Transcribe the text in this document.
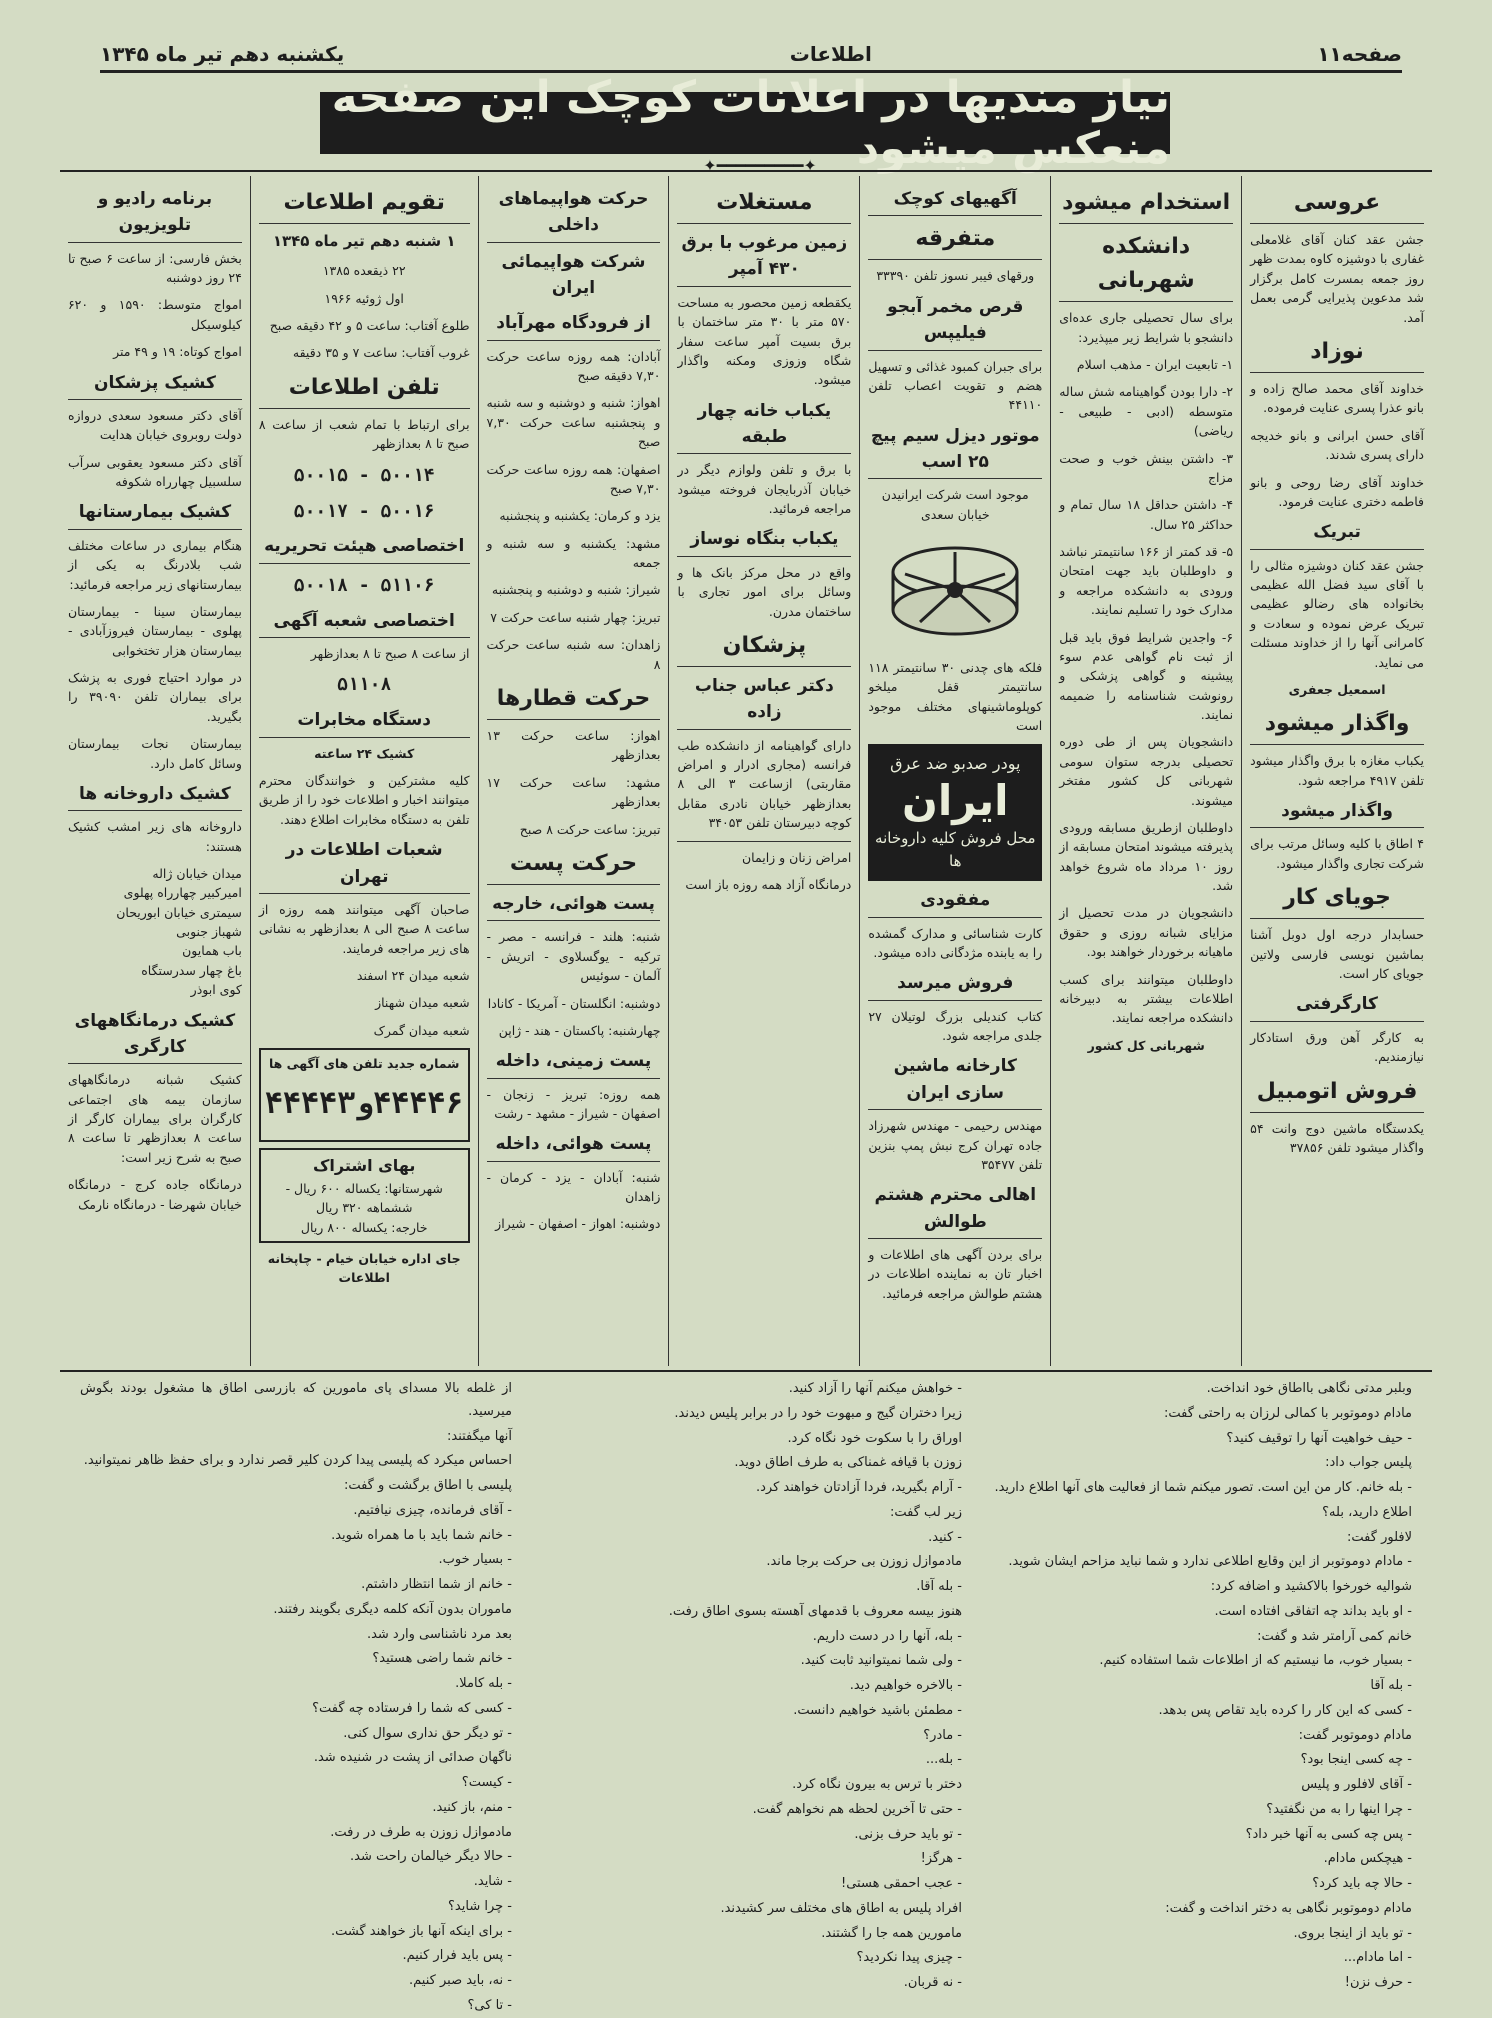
صفحه۱۱
اطلاعات
یکشنبه دهم تیر ماه ۱۳۴۵
نیاز مندیها در اعلانات کوچک این صفحه منعکس میشود
✦━━━━━━━━━✦
عروسی

جشن عقد کنان آقای غلامعلی غفاری با دوشیزه کاوه بمدت ظهر روز جمعه بمسرت کامل برگزار شد مدعوین پذیرایی گرمی بعمل آمد.

نوزاد

خداوند آقای محمد صالح زاده و بانو عذرا پسری عنایت فرموده.

آقای حسن ابرانی و بانو خدیجه دارای پسری شدند.

خداوند آقای رضا روحی و بانو فاطمه دختری عنایت فرمود.

تبریک

جشن عقد کنان دوشیزه مثالی را با آقای سید فضل الله عظیمی بخانواده های رضالو عظیمی تبریک عرض نموده و سعادت و کامرانی آنها را از خداوند مسئلت می نماید.

اسمعیل جعفری

واگذار میشود

یکباب مغازه با برق واگذار میشود تلفن ۴۹۱۷ مراجعه شود.

واگذار میشود

۴ اطاق با کلیه وسائل مرتب برای شرکت تجاری واگذار میشود.

جویای کار

حسابدار درجه اول دوبل آشنا بماشین نویسی فارسی ولاتین جویای کار است.

کارگرفتی

به کارگر آهن ورق استادکار نیازمندیم.

فروش اتومبیل

یکدستگاه ماشین دوج وانت ۵۴ واگذار میشود تلفن ۳۷۸۵۶

استخدام میشود
دانشکده شهربانی

برای سال تحصیلی جاری عده‌ای دانشجو با شرایط زیر میپذیرد:

۱- تابعیت ایران - مذهب اسلام

۲- دارا بودن گواهینامه شش ساله متوسطه (ادبی - طبیعی - ریاضی)

۳- داشتن بینش خوب و صحت مزاج

۴- داشتن حداقل ۱۸ سال تمام و حداکثر ۲۵ سال.

۵- قد کمتر از ۱۶۶ سانتیمتر نباشد و داوطلبان باید جهت امتحان ورودی به دانشکده مراجعه و مدارک خود را تسلیم نمایند.

۶- واجدین شرایط فوق باید قبل از ثبت نام گواهی عدم سوء پیشینه و گواهی پزشکی و رونوشت شناسنامه را ضمیمه نمایند.

دانشجویان پس از طی دوره تحصیلی بدرجه ستوان سومی شهربانی کل کشور مفتخر میشوند.

داوطلبان ازطریق مسابقه ورودی پذیرفته میشوند امتحان مسابقه از روز ۱۰ مرداد ماه شروع خواهد شد.

دانشجویان در مدت تحصیل از مزایای شبانه روزی و حقوق ماهیانه برخوردار خواهند بود.

داوطلبان میتوانند برای کسب اطلاعات بیشتر به دبیرخانه دانشکده مراجعه نمایند.

شهربانی کل کشور

آگهیهای کوچک
متفرقه

ورقهای فیبر نسوز تلفن ۳۳۳۹۰

قرص مخمر آبجو فیلیپس

برای جبران کمبود غذائی و تسهیل هضم و تقویت اعصاب تلفن ۴۴۱۱۰

موتور دیزل سیم پیچ ۲۵ اسب

موجود است شرکت ایرانیدن خیابان سعدی

فلکه های چدنی ۳۰ سانتیمتر ۱۱۸ سانتیمتر قفل میلخو کوپلوماشینهای مختلف موجود است

پودر صدبو ضد عرق
ایران
محل فروش کلیه داروخانه ها
مفقودی

کارت شناسائی و مدارک گمشده را به یابنده مژدگانی داده میشود.

فروش میرسد

کتاب کندیلی بزرگ لوتیلان ۲۷ جلدی مراجعه شود.

کارخانه ماشین سازی ایران

مهندس رحیمی - مهندس شهرزاد جاده تهران کرج نبش پمپ بنزین تلفن ۳۵۴۷۷

اهالی محترم هشتم طوالش

برای بردن آگهی های اطلاعات و اخبار تان به نماینده اطلاعات در هشتم طوالش مراجعه فرمائید.

مستغلات
زمین مرغوب با برق ۴۳۰ آمپر

یکقطعه زمین محصور به مساحت ۵۷۰ متر با ۳۰ متر ساختمان با برق بسیت آمپر ساعت سفار شگاه وزوزی ومکنه واگذار میشود.

یکباب خانه چهار طبقه

با برق و تلفن ولوازم دیگر در خیابان آذربایجان فروخته میشود مراجعه فرمائید.

یکباب بنگاه نوساز

واقع در محل مرکز بانک ها و وسائل برای امور تجاری با ساختمان مدرن.

پزشکان
دکتر عباس جناب زاده

دارای گواهینامه از دانشکده طب فرانسه (مجاری ادرار و امراض مقاربتی) ازساعت ۳ الی ۸ بعدازظهر خیابان نادری مقابل کوچه دبیرستان تلفن ۳۴۰۵۳

امراض زنان و زایمان

درمانگاه آزاد همه روزه باز است

حرکت هواپیماهای داخلی
شرکت هواپیمائی ایران
از فرودگاه مهرآباد

آبادان: همه روزه ساعت حرکت ۳۰‚۷ دقیقه صبح

اهواز: شنبه و دوشنبه و سه شنبه و پنجشنبه ساعت حرکت ۳۰‚۷ صبح

اصفهان: همه روزه ساعت حرکت ۳۰‚۷ صبح

یزد و کرمان: یکشنبه و پنجشنبه

مشهد: یکشنبه و سه شنبه و جمعه

شیراز: شنبه و دوشنبه و پنجشنبه

تبریز: چهار شنبه ساعت حرکت ۷

زاهدان: سه شنبه ساعت حرکت ۸

حرکت قطارها

اهواز: ساعت حرکت ۱۳ بعدازظهر

مشهد: ساعت حرکت ۱۷ بعدازظهر

تبریز: ساعت حرکت ۸ صبح

حرکت پست
پست هوائی، خارجه

شنبه: هلند - فرانسه - مصر - ترکیه - یوگسلاوی - اتریش - آلمان - سوئیس

دوشنبه: انگلستان - آمریکا - کانادا

چهارشنبه: پاکستان - هند - ژاپن

پست زمینی، داخله

همه روزه: تبریز - زنجان - اصفهان - شیراز - مشهد - رشت

پست هوائی، داخله

شنبه: آبادان - یزد - کرمان - زاهدان

دوشنبه: اهواز - اصفهان - شیراز

تقویم اطلاعات

۱ شنبه دهم تیر ماه ۱۳۴۵

۲۲ ذیقعده ۱۳۸۵

اول ژوئیه ۱۹۶۶

طلوع آفتاب: ساعت ۵ و ۴۲ دقیقه صبح

غروب آفتاب: ساعت ۷ و ۳۵ دقیقه

تلفن اطلاعات

برای ارتباط با تمام شعب از ساعت ۸ صبح تا ۸ بعدازظهر

۵۰۰۱۴ - ۵۰۰۱۵
۵۰۰۱۶ - ۵۰۰۱۷
اختصاصی هیئت تحریریه
۵۱۱۰۶ - ۵۰۰۱۸
اختصاصی شعبه آگهی

از ساعت ۸ صبح تا ۸ بعدازظهر

۵۱۱۰۸
دستگاه مخابرات

کشیک ۲۴ ساعته

کلیه مشترکین و خوانندگان محترم میتوانند اخبار و اطلاعات خود را از طریق تلفن به دستگاه مخابرات اطلاع دهند.

شعبات اطلاعات در تهران

صاحبان آگهی میتوانند همه روزه از ساعت ۸ صبح الی ۸ بعدازظهر به نشانی های زیر مراجعه فرمایند.

شعبه میدان ۲۴ اسفند

شعبه میدان شهناز

شعبه میدان گمرک

شماره جدید تلفن های آگهی ها
۴۴۴۴۶و۴۴۴۴۳
بهای اشتراک
شهرستانها: یکساله ۶۰۰ ریال - ششماهه ۳۲۰ ریال
خارجه: یکساله ۸۰۰ ریال

جای اداره خیابان خیام - چاپخانه اطلاعات

برنامه رادیو و تلویزیون

بخش فارسی: از ساعت ۶ صبح تا ۲۴ روز دوشنبه

امواج متوسط: ۱۵۹۰ و ۶۲۰ کیلوسیکل

امواج کوتاه: ۱۹ و ۴۹ متر

کشیک پزشکان

آقای دکتر مسعود سعدی دروازه دولت روبروی خیابان هدایت

آقای دکتر مسعود یعقوبی سرآب سلسبیل چهارراه شکوفه

کشیک بیمارستانها

هنگام بیماری در ساعات مختلف شب بلادرنگ به یکی از بیمارستانهای زیر مراجعه فرمائید:

بیمارستان سینا - بیمارستان پهلوی - بیمارستان فیروزآبادی - بیمارستان هزار تختخوابی

در موارد احتیاج فوری به پزشک برای بیماران تلفن ۳۹۰۹۰ را بگیرید.

بیمارستان نجات بیمارستان وسائل کامل دارد.

کشیک داروخانه ها

داروخانه های زیر امشب کشیک هستند:

میدان خیابان ژاله

امیرکبیر چهارراه پهلوی

سیمتری خیابان ابوریحان

شهباز جنوبی

باب همایون

باغ چهار سدرستگاه

کوی ابوذر

کشیک درمانگاههای کارگری

کشیک شبانه درمانگاههای سازمان بیمه های اجتماعی کارگران برای بیماران کارگر از ساعت ۸ بعدازظهر تا ساعت ۸ صبح به شرح زیر است:

درمانگاه جاده کرج - درمانگاه خیابان شهرضا - درمانگاه نارمک

وبلبر مدتی نگاهی بااطاق خود انداخت.

مادام دوموتوبر با کمالی لرزان به راحتی گفت:

- حیف خواهیت آنها را توقیف کنید؟

پلیس جواب داد:

- بله خانم. کار من این است. تصور میکنم شما از فعالیت های آنها اطلاع دارید.

اطلاع دارید، بله؟

لافلور گفت:

- مادام دوموتوبر از این وقایع اطلاعی ندارد و شما نباید مزاحم ایشان شوید.

شوالیه خورخوا بالاکشید و اضافه کرد:

- او باید بداند چه اتفاقی افتاده است.

خانم کمی آرامتر شد و گفت:

- بسیار خوب، ما نیستیم که از اطلاعات شما استفاده کنیم.

- بله آقا

- کسی که این کار را کرده باید تقاص پس بدهد.

مادام دوموتوبر گفت:

- چه کسی اینجا بود؟

- آقای لافلور و پلیس

- چرا اینها را به من نگفتید؟

- پس چه کسی به آنها خبر داد؟

- هیچکس مادام.

- حالا چه باید کرد؟

مادام دوموتوبر نگاهی به دختر انداخت و گفت:

- تو باید از اینجا بروی.

- اما مادام...

- حرف نزن!

- خواهش میکنم آنها را آزاد کنید.

زیرا دختران گیج و مبهوت خود را در برابر پلیس دیدند.

اوراق را با سکوت خود نگاه کرد.

زوزن با قیافه غمناکی به طرف اطاق دوید.

- آرام بگیرید، فردا آزادتان خواهند کرد.

زیر لب گفت:

- کنید.

مادموازل زوزن بی حرکت برجا ماند.

- بله آقا.

هنوز بیسه معروف با قدمهای آهسته بسوی اطاق رفت.

- بله، آنها را در دست داریم.

- ولی شما نمیتوانید ثابت کنید.

- بالاخره خواهیم دید.

- مطمئن باشید خواهیم دانست.

- مادر؟

- بله...

دختر با ترس به بیرون نگاه کرد.

- حتی تا آخرین لحظه هم نخواهم گفت.

- تو باید حرف بزنی.

- هرگز!

- عجب احمقی هستی!

افراد پلیس به اطاق های مختلف سر کشیدند.

مامورین همه جا را گشتند.

- چیزی پیدا نکردید؟

- نه قربان.

از غلطه بالا مسدای پای مامورین که بازرسی اطاق ها مشغول بودند بگوش میرسید.

آنها میگفتند:

احساس میکرد که پلیسی پیدا کردن کلیر قصر ندارد و برای حفظ ظاهر نمیتوانید.

پلیسی با اطاق برگشت و گفت:

- آقای فرمانده، چیزی نیافتیم.

- خانم شما باید با ما همراه شوید.

- بسیار خوب.

- خانم از شما انتظار داشتم.

ماموران بدون آنکه کلمه دیگری بگویند رفتند.

بعد مرد ناشناسی وارد شد.

- خانم شما راضی هستید؟

- بله کاملا.

- کسی که شما را فرستاده چه گفت؟

- تو دیگر حق نداری سوال کنی.

ناگهان صدائی از پشت در شنیده شد.

- کیست؟

- منم، باز کنید.

مادموازل زوزن به طرف در رفت.

- حالا دیگر خیالمان راحت شد.

- شاید.

- چرا شاید؟

- برای اینکه آنها باز خواهند گشت.

- پس باید فرار کنیم.

- نه، باید صبر کنیم.

- تا کی؟
